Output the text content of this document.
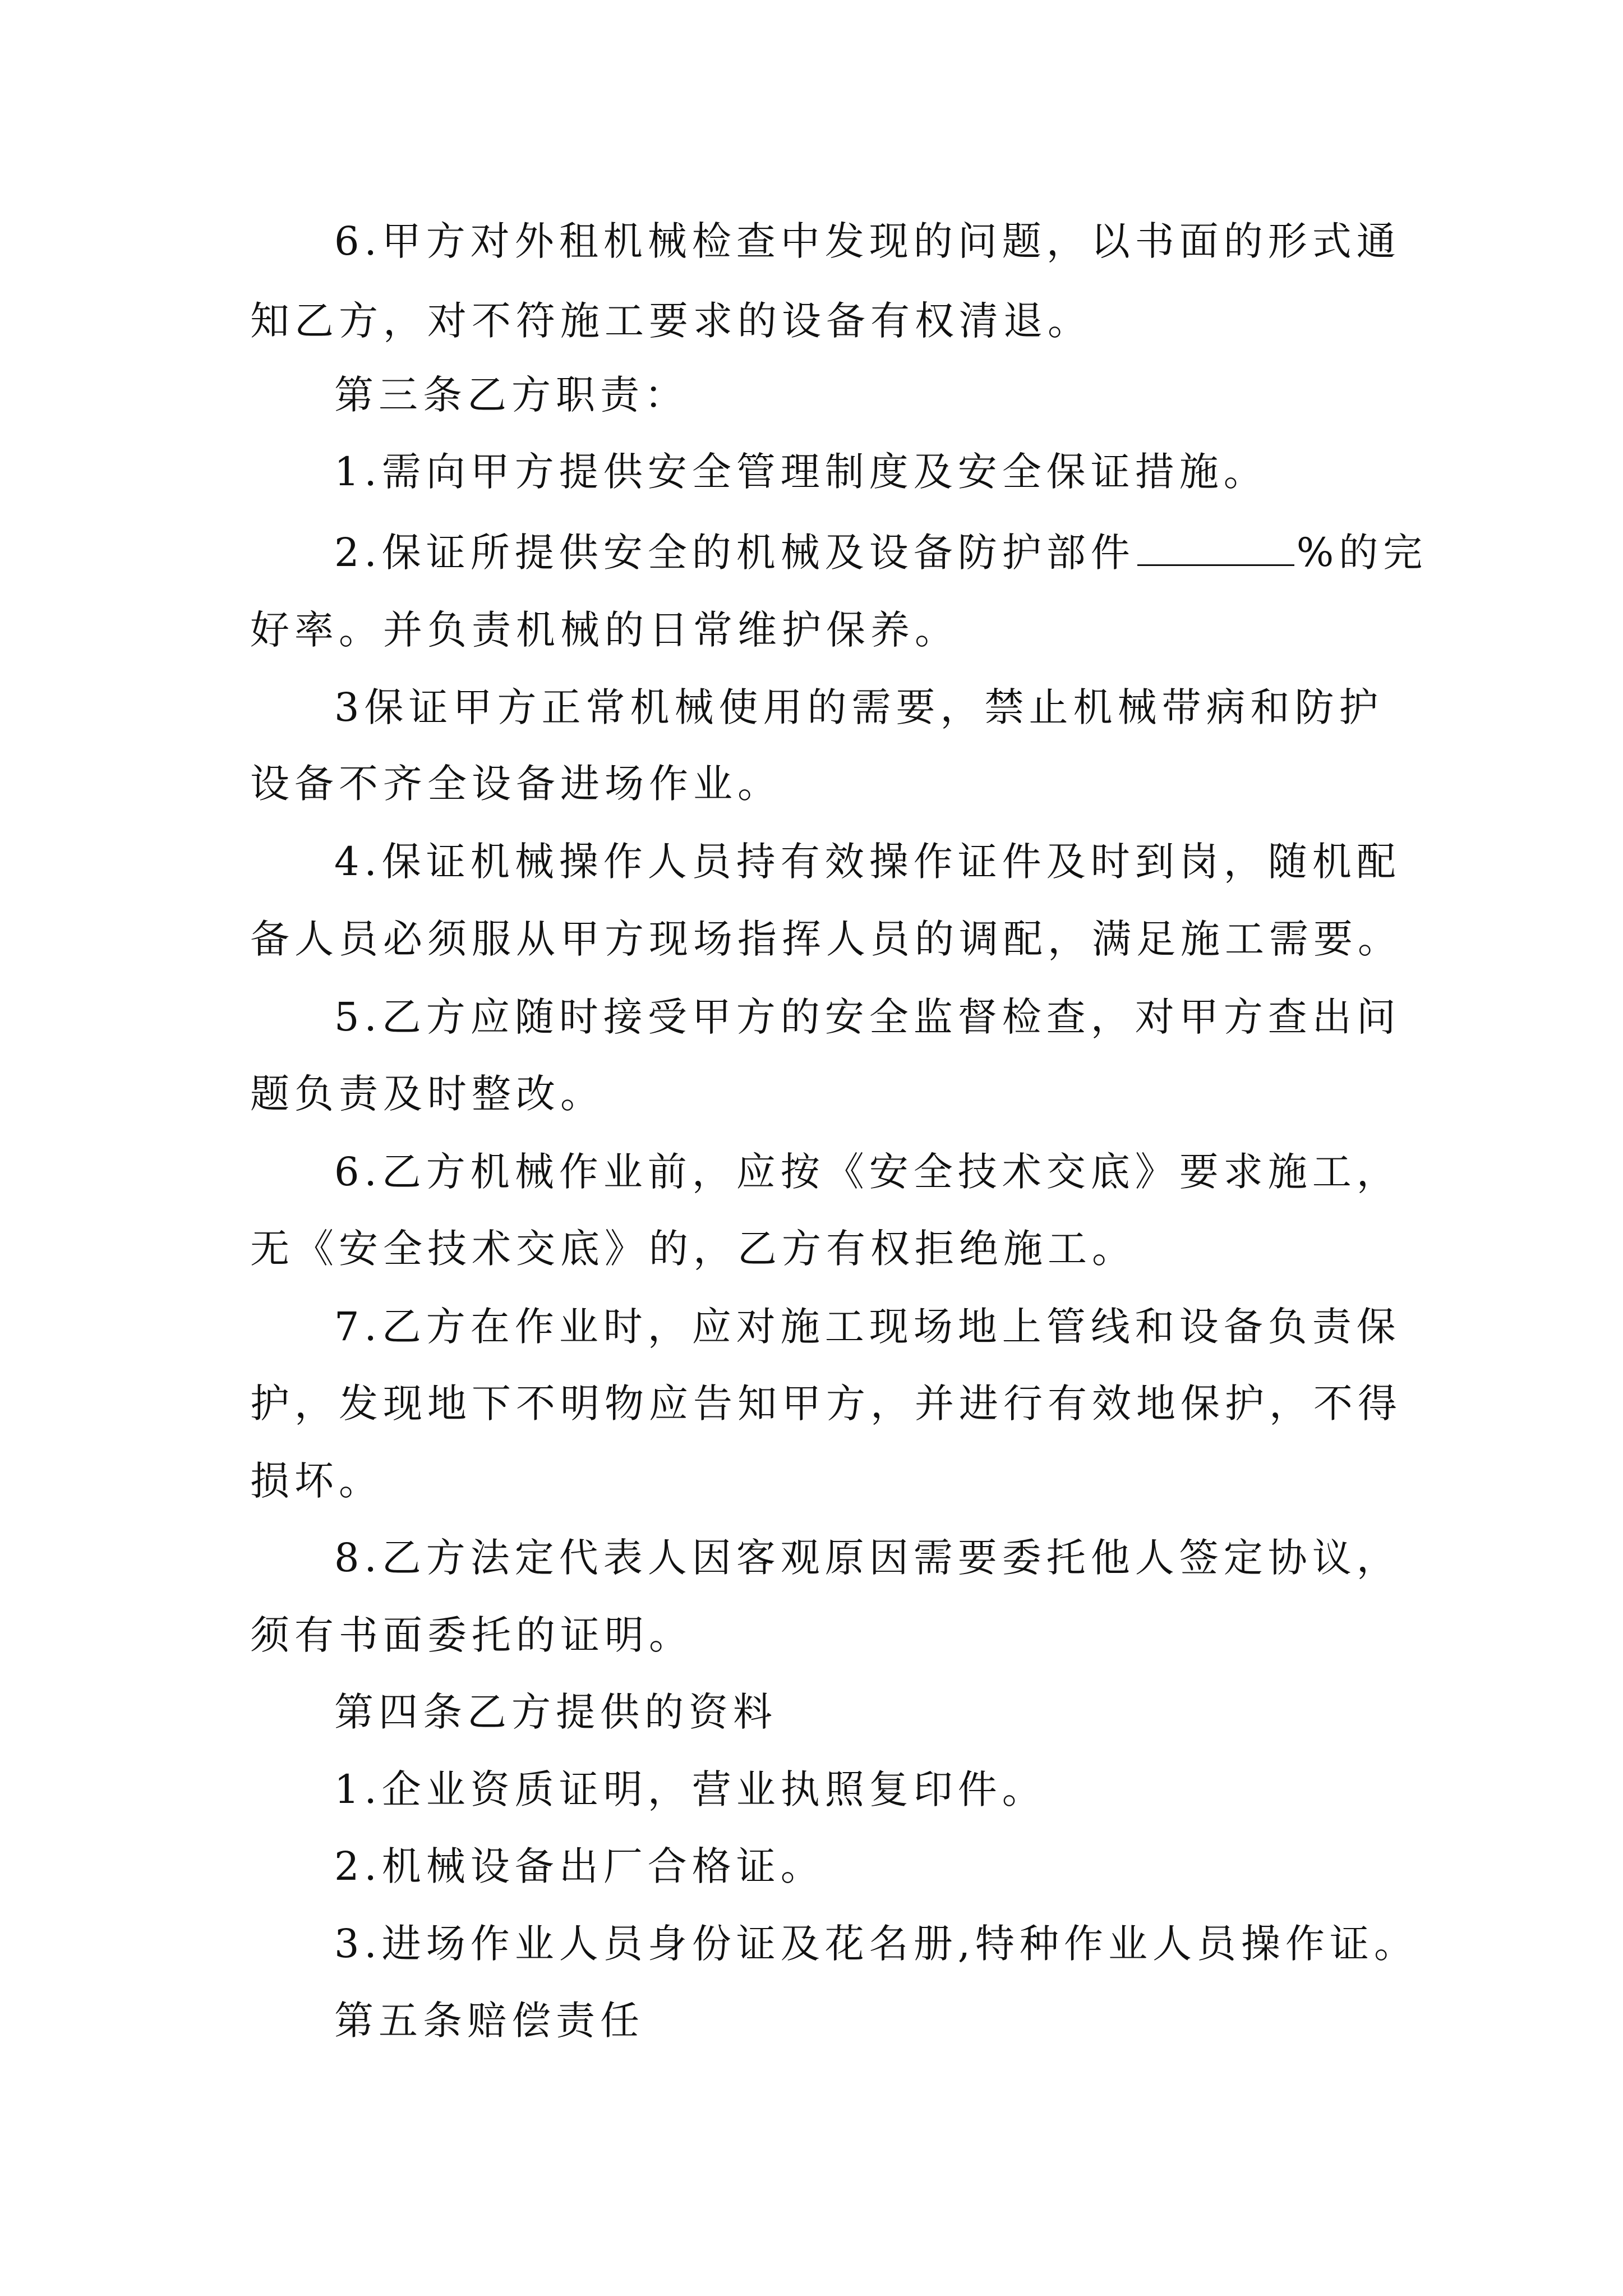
6.甲方对外租机械检查中发现的问题，以书面的形式通
知乙方，对不符施工要求的设备有权清退。
第三条乙方职责：
1.需向甲方提供安全管理制度及安全保证措施。
2.保证所提供安全的机械及设备防护部件	%的完
好率。并负责机械的日常维护保养。
3保证甲方正常机械使用的需要，禁止机械带病和防护
设备不齐全设备进场作业。
4.保证机械操作人员持有效操作证件及时到岗，随机配
备人员必须服从甲方现场指挥人员的调配，满足施工需要。
5.乙方应随时接受甲方的安全监督检查，对甲方查出问
题负责及时整改。
6.乙方机械作业前，应按《安全技术交底》要求施工，
无《安全技术交底》的，乙方有权拒绝施工。
7.乙方在作业时，应对施工现场地上管线和设备负责保
护，发现地下不明物应告知甲方，并进行有效地保护，不得
损坏。
8.乙方法定代表人因客观原因需要委托他人签定协议，
须有书面委托的证明。
第四条乙方提供的资料
1.企业资质证明，营业执照复印件。
2.机械设备出厂合格证。
3.进场作业人员身份证及花名册,特种作业人员操作证。
第五条赔偿责任
